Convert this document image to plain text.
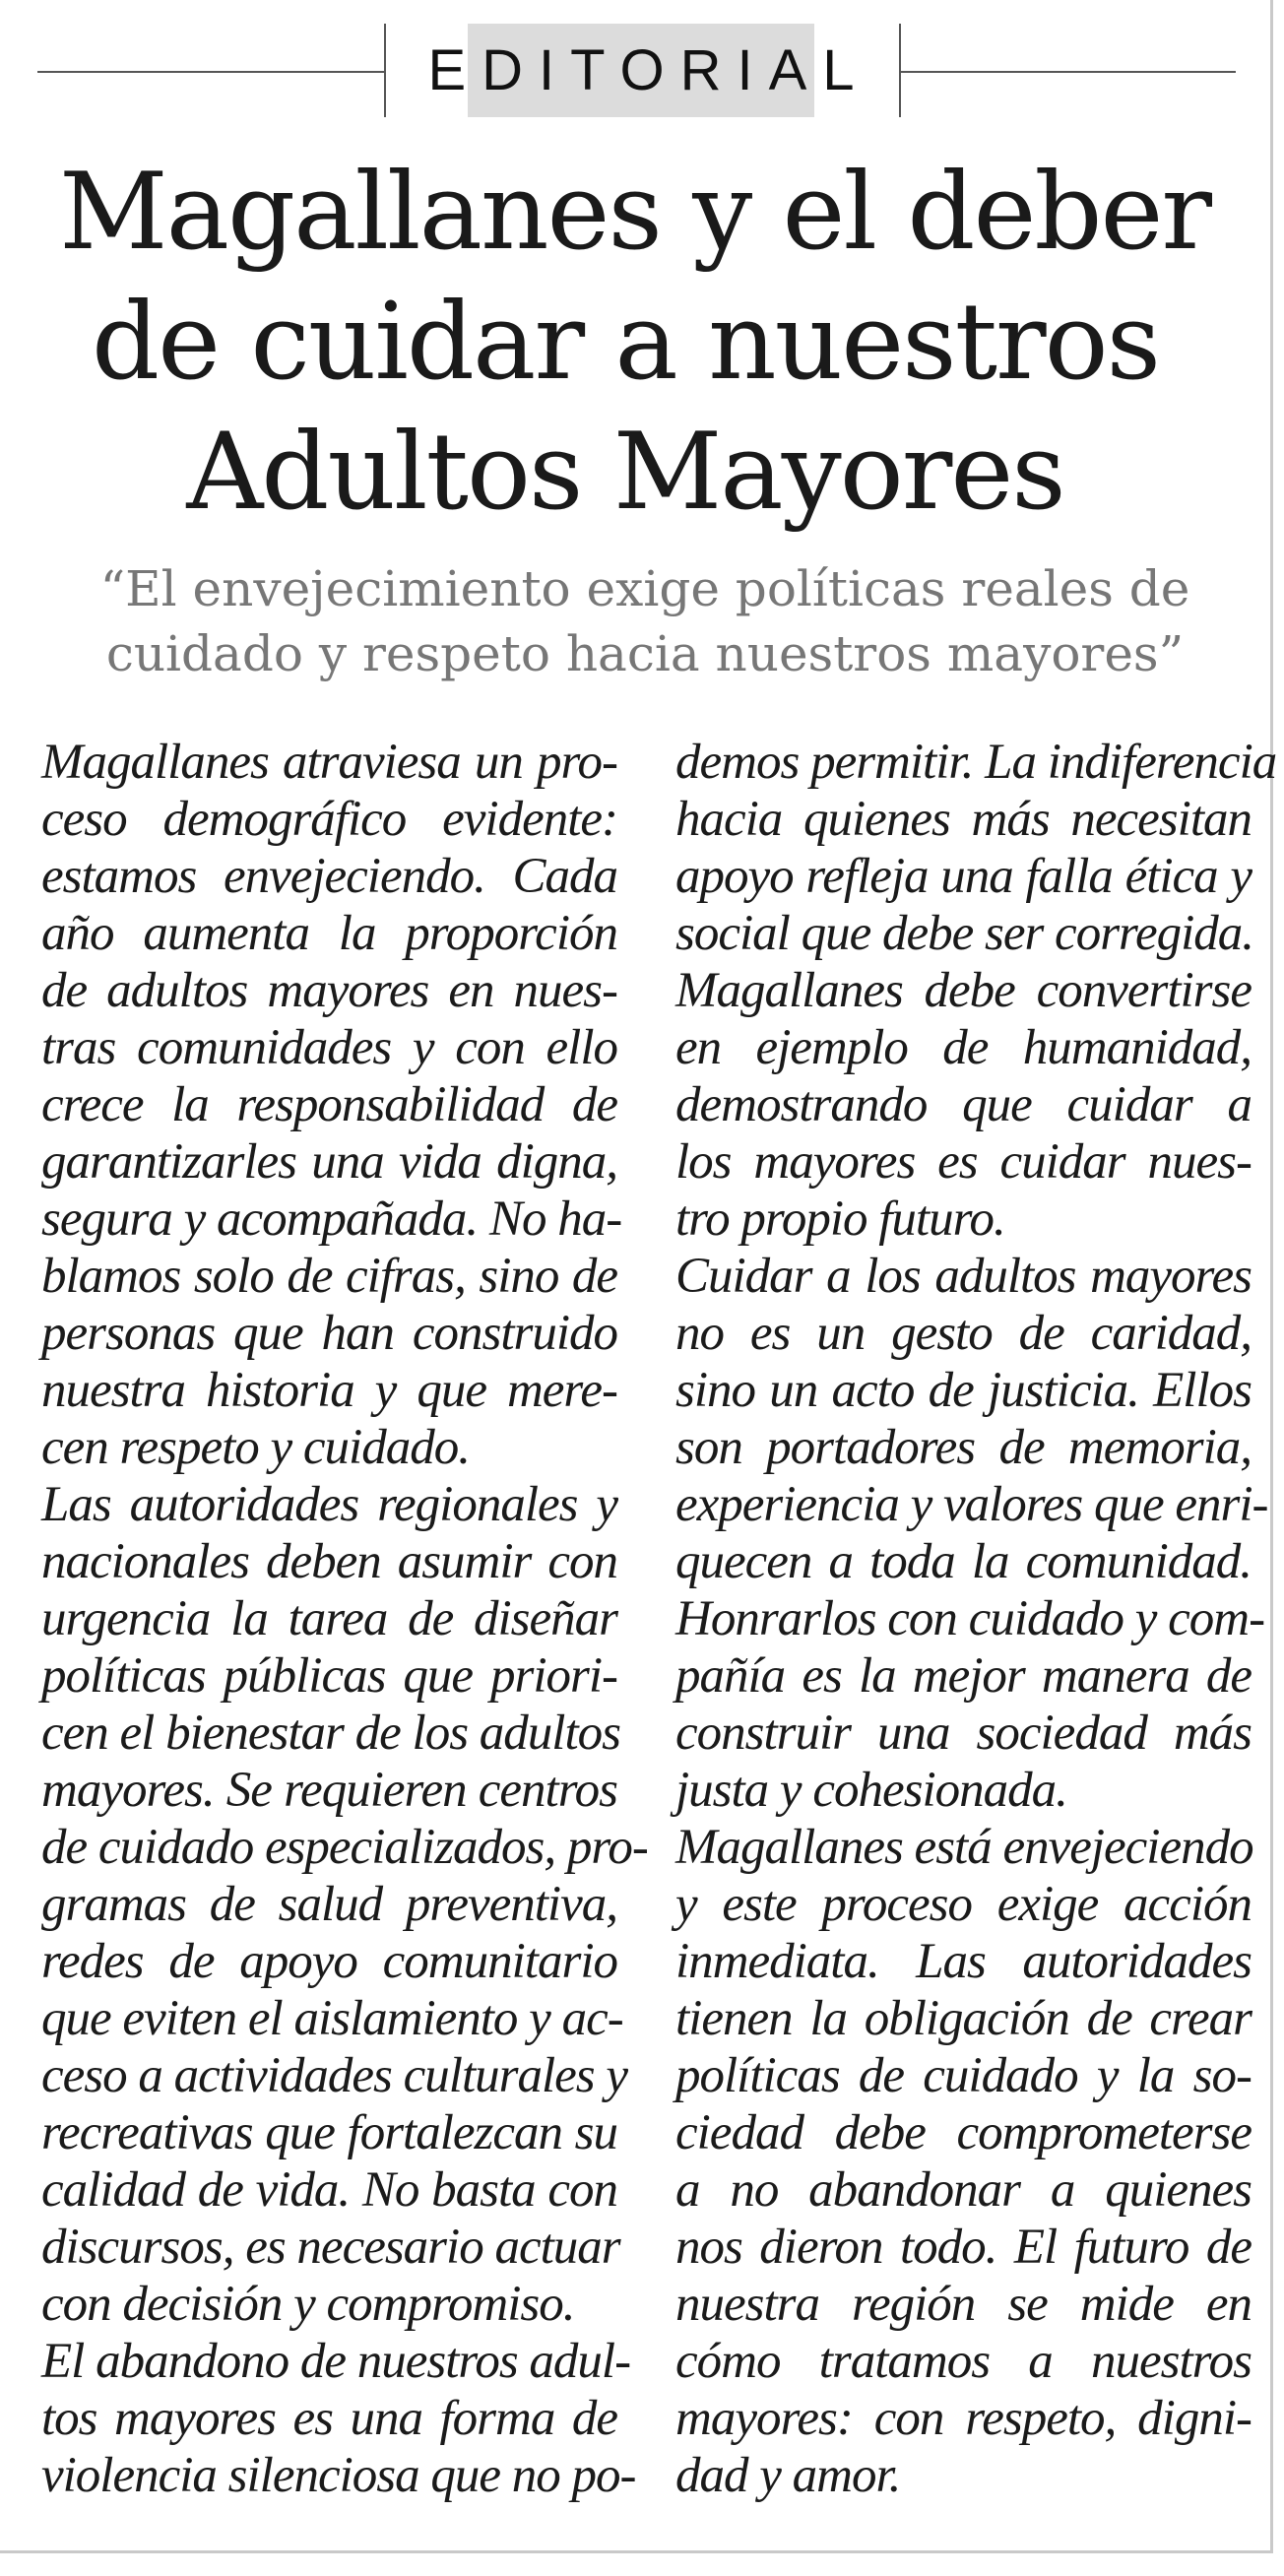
EDITORIAL
Magallanes y el deber
de cuidar a nuestros
Adultos Mayores
“El envejecimiento exige políticas reales de
cuidado y respeto hacia nuestros mayores”
Magallanes atraviesa un pro-
ceso demográfico evidente:
estamos envejeciendo. Cada
año aumenta la proporción
de adultos mayores en nues-
tras comunidades y con ello
crece la responsabilidad de
garantizarles una vida digna,
segura y acompañada. No ha-
blamos solo de cifras, sino de
personas que han construido
nuestra historia y que mere-
cen respeto y cuidado.
Las autoridades regionales y
nacionales deben asumir con
urgencia la tarea de diseñar
políticas públicas que priori-
cen el bienestar de los adultos
mayores. Se requieren centros
de cuidado especializados, pro-
gramas de salud preventiva,
redes de apoyo comunitario
que eviten el aislamiento y ac-
ceso a actividades culturales y
recreativas que fortalezcan su
calidad de vida. No basta con
discursos, es necesario actuar
con decisión y compromiso.
El abandono de nuestros adul-
tos mayores es una forma de
violencia silenciosa que no po-
demos permitir. La indiferencia
hacia quienes más necesitan
apoyo refleja una falla ética y
social que debe ser corregida.
Magallanes debe convertirse
en ejemplo de humanidad,
demostrando que cuidar a
los mayores es cuidar nues-
tro propio futuro.
Cuidar a los adultos mayores
no es un gesto de caridad,
sino un acto de justicia. Ellos
son portadores de memoria,
experiencia y valores que enri-
quecen a toda la comunidad.
Honrarlos con cuidado y com-
pañía es la mejor manera de
construir una sociedad más
justa y cohesionada.
Magallanes está envejeciendo
y este proceso exige acción
inmediata. Las autoridades
tienen la obligación de crear
políticas de cuidado y la so-
ciedad debe comprometerse
a no abandonar a quienes
nos dieron todo. El futuro de
nuestra región se mide en
cómo tratamos a nuestros
mayores: con respeto, digni-
dad y amor.
